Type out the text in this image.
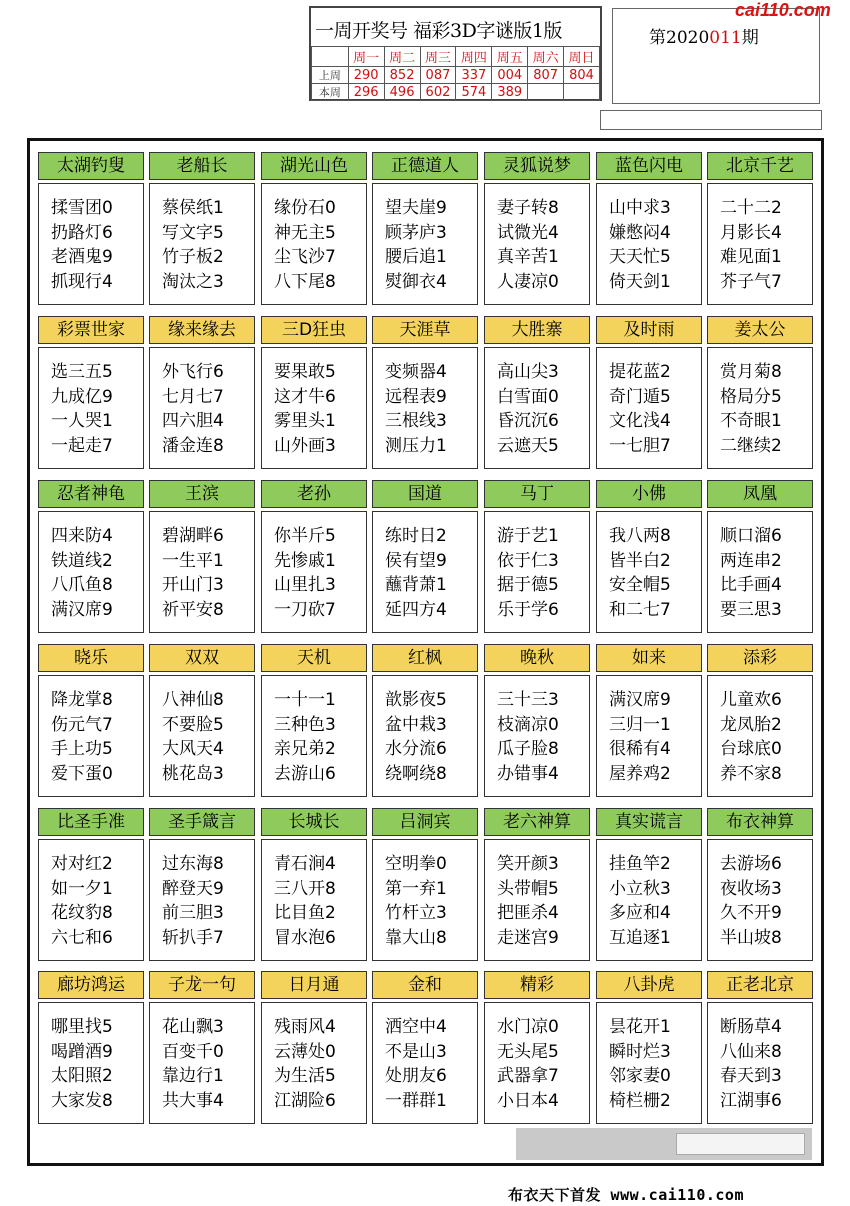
一周开奖号 福彩3D字谜版1版
	周一	周二	周三	周四	周五	周六	周日
上周	290	852	087	337	004	807	804
本周	296	496	602	574	389		
第2020011期
cai110.com
太湖钓叟
揉雪团0
扔路灯6
老酒鬼9
抓现行4
老船长
蔡侯纸1
写文字5
竹子板2
淘汰之3
湖光山色
缘份石0
神无主5
尘飞沙7
八下尾8
正德道人
望夫崖9
顾茅庐3
腰后追1
熨御衣4
灵狐说梦
妻子转8
试微光4
真辛苦1
人凄凉0
蓝色闪电
山中求3
嫌憋闷4
天天忙5
倚天剑1
北京千艺
二十二2
月影长4
难见面1
芥子气7
彩票世家
选三五5
九成亿9
一人哭1
一起走7
缘来缘去
外飞行6
七月七7
四六胆4
潘金连8
三D狂虫
要果敢5
这才牛6
雾里头1
山外画3
天涯草
变频器4
远程表9
三根线3
测压力1
大胜寨
高山尖3
白雪面0
昏沉沉6
云遮天5
及时雨
提花蓝2
奇门遁5
文化浅4
一七胆7
姜太公
赏月菊8
格局分5
不奇眼1
二继续2
忍者神龟
四来防4
铁道线2
八爪鱼8
满汉席9
王滨
碧湖畔6
一生平1
开山门3
祈平安8
老孙
你半斤5
先惨戚1
山里扎3
一刀砍7
国道
练时日2
侯有望9
蘸背萧1
延四方4
马丁
游于艺1
依于仁3
据于德5
乐于学6
小佛
我八两8
皆半白2
安全帽5
和二七7
凤凰
顺口溜6
两连串2
比手画4
要三思3
晓乐
降龙掌8
伤元气7
手上功5
爱下蛋0
双双
八神仙8
不要脸5
大风天4
桃花岛3
天机
一十一1
三种色3
亲兄弟2
去游山6
红枫
歆影夜5
盆中栽3
水分流6
绕啊绕8
晚秋
三十三3
枝滴凉0
瓜子脸8
办错事4
如来
满汉席9
三归一1
很稀有4
屋养鸡2
添彩
儿童欢6
龙凤胎2
台球底0
养不家8
比圣手准
对对红2
如一夕1
花纹豹8
六七和6
圣手箴言
过东海8
醉登天9
前三胆3
斩扒手7
长城长
青石涧4
三八开8
比目鱼2
冒水泡6
吕洞宾
空明拳0
第一弃1
竹杆立3
靠大山8
老六神算
笑开颜3
头带帽5
把匪杀4
走迷宫9
真实谎言
挂鱼竿2
小立秋3
多应和4
互追逐1
布衣神算
去游场6
夜收场3
久不开9
半山坡8
廊坊鸿运
哪里找5
喝蹭酒9
太阳照2
大家发8
子龙一句
花山飘3
百变千0
靠边行1
共大事4
日月通
残雨风4
云薄处0
为生活5
江湖险6
金和
洒空中4
不是山3
处朋友6
一群群1
精彩
水门凉0
无头尾5
武器拿7
小日本4
八卦虎
昙花开1
瞬时烂3
邻家妻0
椅栏栅2
正老北京
断肠草4
八仙来8
春天到3
江湖事6
布衣天下首发 www.cai110.com
